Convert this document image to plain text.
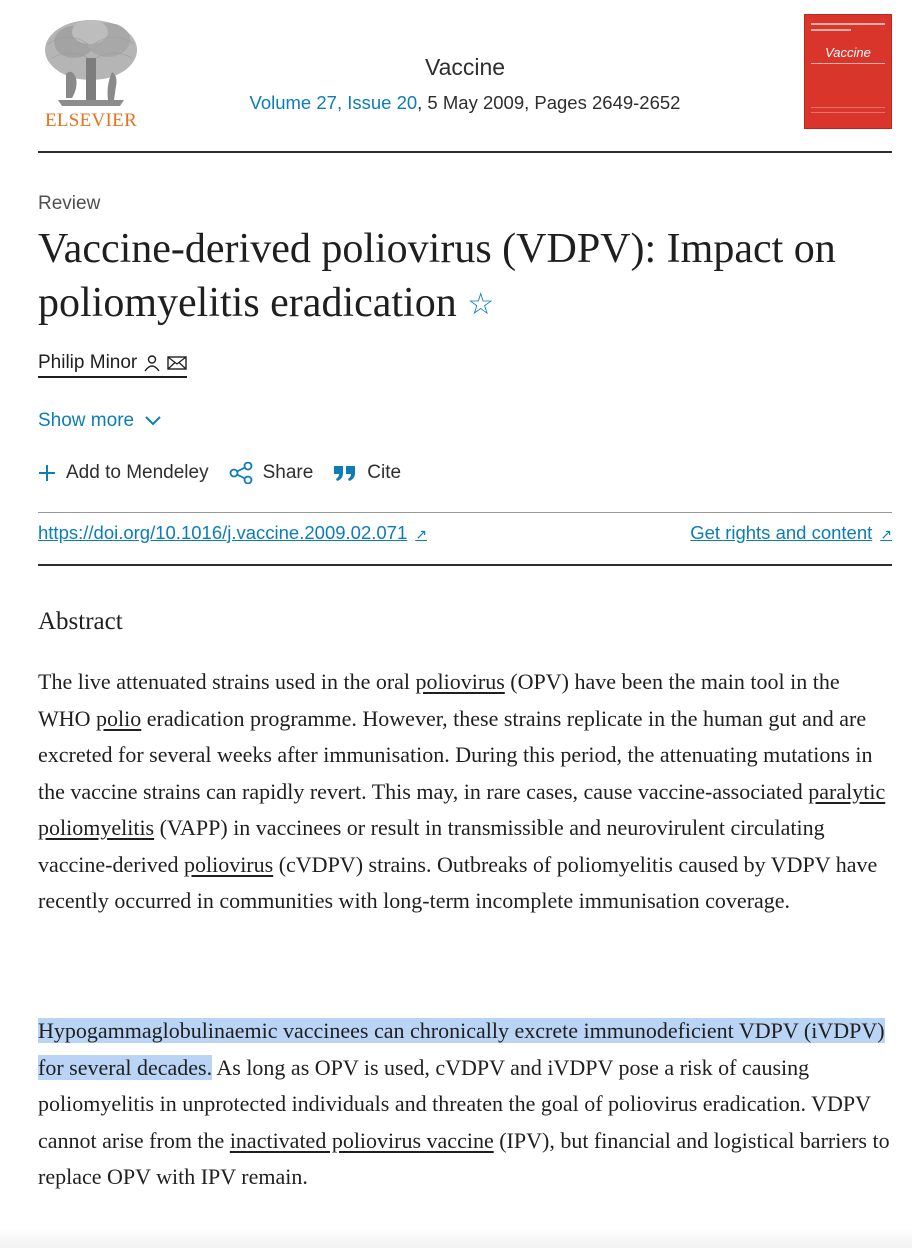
ELSEVIER
Vaccine
Volume 27, Issue 20, 5 May 2009, Pages 2649-2652
Vaccine
Review
Vaccine-derived poliovirus (VDPV): Impact on poliomyelitis eradication ☆
Philip Minor
Show more
Add to Mendeley	Share	Cite
https://doi.org/10.1016/j.vaccine.2009.02.071 ↗	Get rights and content ↗
Abstract

The live attenuated strains used in the oral poliovirus (OPV) have been the main tool in the WHO polio eradication programme. However, these strains replicate in the human gut and are excreted for several weeks after immunisation. During this period, the attenuating mutations in the vaccine strains can rapidly revert. This may, in rare cases, cause vaccine-associated paralytic poliomyelitis (VAPP) in vaccinees or result in transmissible and neurovirulent circulating vaccine-derived poliovirus (cVDPV) strains. Outbreaks of poliomyelitis caused by VDPV have recently occurred in communities with long-term incomplete immunisation coverage.

Hypogammaglobulinaemic vaccinees can chronically excrete immunodeficient VDPV (iVDPV) for several decades. As long as OPV is used, cVDPV and iVDPV pose a risk of causing poliomyelitis in unprotected individuals and threaten the goal of poliovirus eradication. VDPV cannot arise from the inactivated poliovirus vaccine (IPV), but financial and logistical barriers to replace OPV with IPV remain.
